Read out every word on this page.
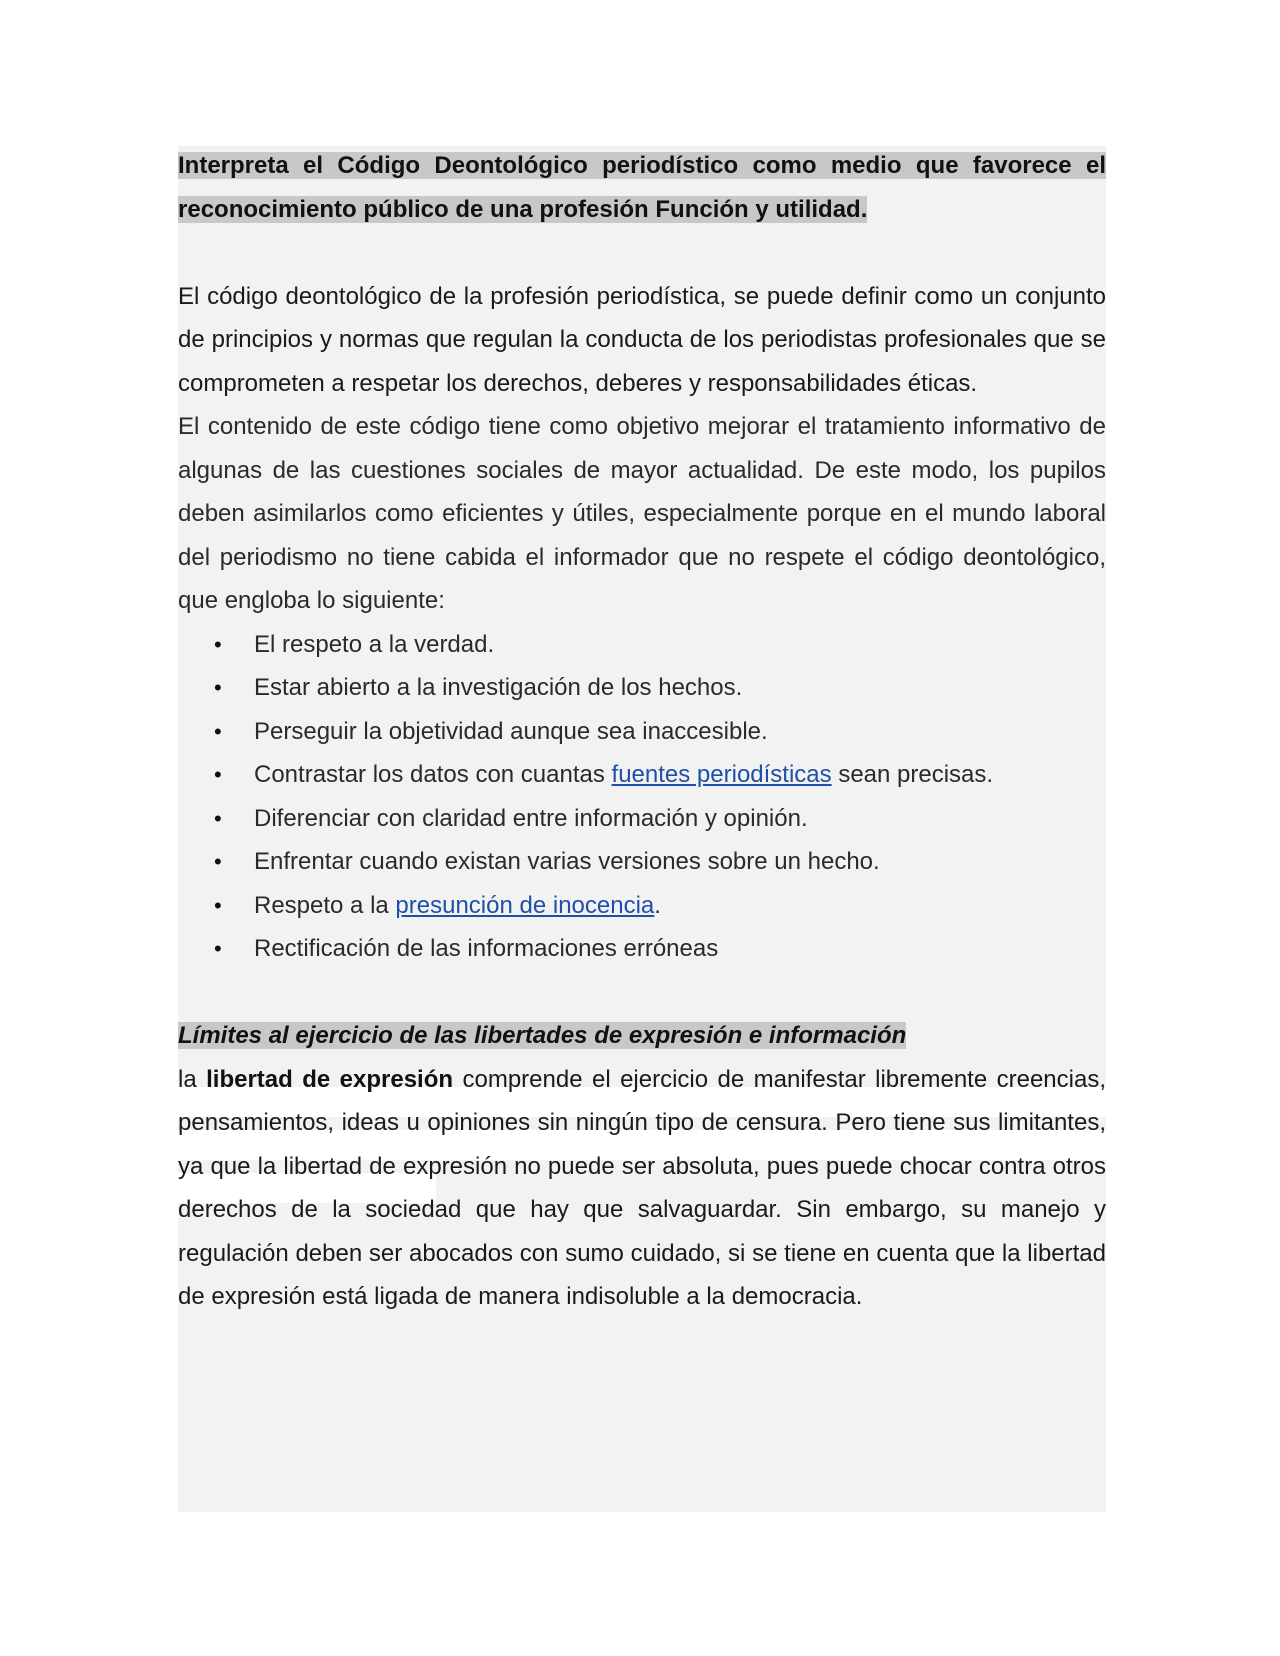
Interpreta el Código Deontológico periodístico como medio que favorece el reconocimiento público de una profesión Función y utilidad.

El código deontológico de la profesión periodística, se puede definir como un conjunto de principios y normas que regulan la conducta de los periodistas profesionales que se comprometen a respetar los derechos, deberes y responsabilidades éticas.

El contenido de este código tiene como objetivo mejorar el tratamiento informativo de algunas de las cuestiones sociales de mayor actualidad. De este modo, los pupilos deben asimilarlos como eficientes y útiles, especialmente porque en el mundo laboral del periodismo no tiene cabida el informador que no respete el código deontológico, que engloba lo siguiente:

• El respeto a la verdad.
• Estar abierto a la investigación de los hechos.
• Perseguir la objetividad aunque sea inaccesible.
• Contrastar los datos con cuantas fuentes periodísticas sean precisas.
• Diferenciar con claridad entre información y opinión.
• Enfrentar cuando existan varias versiones sobre un hecho.
• Respeto a la presunción de inocencia.
• Rectificación de las informaciones erróneas

Límites al ejercicio de las libertades de expresión e información

la libertad de expresión comprende el ejercicio de manifestar libremente creencias, pensamientos, ideas u opiniones sin ningún tipo de censura. Pero tiene sus limitantes, ya que la libertad de expresión no puede ser absoluta, pues puede chocar contra otros derechos de la sociedad que hay que salvaguardar. Sin embargo, su manejo y regulación deben ser abocados con sumo cuidado, si se tiene en cuenta que la libertad de expresión está ligada de manera indisoluble a la democracia.
